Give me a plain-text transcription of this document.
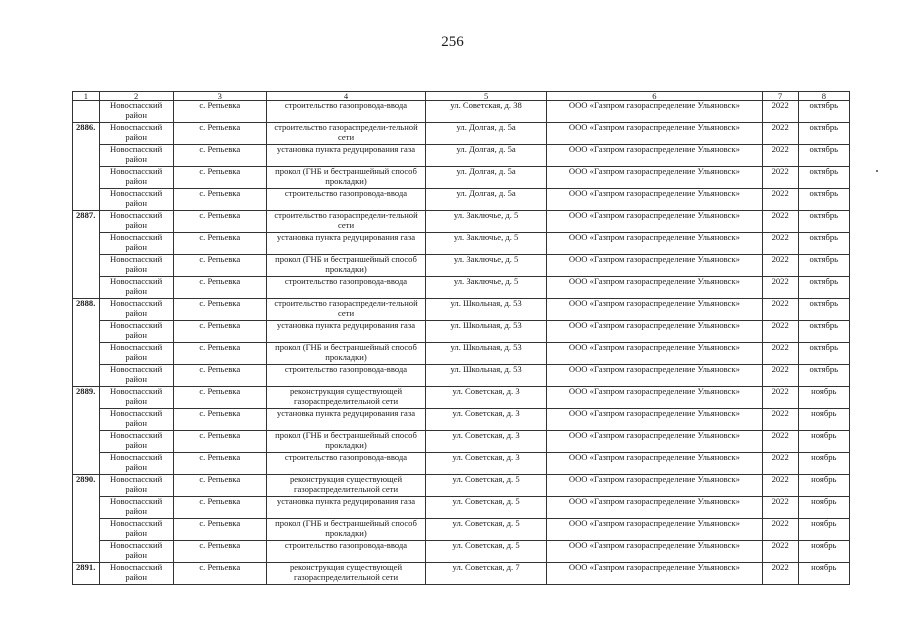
256
1	2	3	4	5	6	7	8
	Новоспасский район	с. Репьевка	строительство газопровода-ввода	ул. Советская, д. 38	ООО «Газпром газораспределение Ульяновск»	2022	октябрь
2886.	Новоспасский район	с. Репьевка	строительство газораспредели-тельной сети	ул. Долгая, д. 5а	ООО «Газпром газораспределение Ульяновск»	2022	октябрь
	Новоспасский район	с. Репьевка	установка пункта редуцирования газа	ул. Долгая, д. 5а	ООО «Газпром газораспределение Ульяновск»	2022	октябрь
	Новоспасский район	с. Репьевка	прокол (ГНБ и бестраншейный способ прокладки)	ул. Долгая, д. 5а	ООО «Газпром газораспределение Ульяновск»	2022	октябрь
	Новоспасский район	с. Репьевка	строительство газопровода-ввода	ул. Долгая, д. 5а	ООО «Газпром газораспределение Ульяновск»	2022	октябрь
2887.	Новоспасский район	с. Репьевка	строительство газораспредели-тельной сети	ул. Заключье, д. 5	ООО «Газпром газораспределение Ульяновск»	2022	октябрь
	Новоспасский район	с. Репьевка	установка пункта редуцирования газа	ул. Заключье, д. 5	ООО «Газпром газораспределение Ульяновск»	2022	октябрь
	Новоспасский район	с. Репьевка	прокол (ГНБ и бестраншейный способ прокладки)	ул. Заключье, д. 5	ООО «Газпром газораспределение Ульяновск»	2022	октябрь
	Новоспасский район	с. Репьевка	строительство газопровода-ввода	ул. Заключье, д. 5	ООО «Газпром газораспределение Ульяновск»	2022	октябрь
2888.	Новоспасский район	с. Репьевка	строительство газораспредели-тельной сети	ул. Школьная, д. 53	ООО «Газпром газораспределение Ульяновск»	2022	октябрь
	Новоспасский район	с. Репьевка	установка пункта редуцирования газа	ул. Школьная, д. 53	ООО «Газпром газораспределение Ульяновск»	2022	октябрь
	Новоспасский район	с. Репьевка	прокол (ГНБ и бестраншейный способ прокладки)	ул. Школьная, д. 53	ООО «Газпром газораспределение Ульяновск»	2022	октябрь
	Новоспасский район	с. Репьевка	строительство газопровода-ввода	ул. Школьная, д. 53	ООО «Газпром газораспределение Ульяновск»	2022	октябрь
2889.	Новоспасский район	с. Репьевка	реконструкция существующей газораспределительной сети	ул. Советская, д. 3	ООО «Газпром газораспределение Ульяновск»	2022	ноябрь
	Новоспасский район	с. Репьевка	установка пункта редуцирования газа	ул. Советская, д. 3	ООО «Газпром газораспределение Ульяновск»	2022	ноябрь
	Новоспасский район	с. Репьевка	прокол (ГНБ и бестраншейный способ прокладки)	ул. Советская, д. 3	ООО «Газпром газораспределение Ульяновск»	2022	ноябрь
	Новоспасский район	с. Репьевка	строительство газопровода-ввода	ул. Советская, д. 3	ООО «Газпром газораспределение Ульяновск»	2022	ноябрь
2890.	Новоспасский район	с. Репьевка	реконструкция существующей газораспределительной сети	ул. Советская, д. 5	ООО «Газпром газораспределение Ульяновск»	2022	ноябрь
	Новоспасский район	с. Репьевка	установка пункта редуцирования газа	ул. Советская, д. 5	ООО «Газпром газораспределение Ульяновск»	2022	ноябрь
	Новоспасский район	с. Репьевка	прокол (ГНБ и бестраншейный способ прокладки)	ул. Советская, д. 5	ООО «Газпром газораспределение Ульяновск»	2022	ноябрь
	Новоспасский район	с. Репьевка	строительство газопровода-ввода	ул. Советская, д. 5	ООО «Газпром газораспределение Ульяновск»	2022	ноябрь
2891.	Новоспасский район	с. Репьевка	реконструкция существующей газораспределительной сети	ул. Советская, д. 7	ООО «Газпром газораспределение Ульяновск»	2022	ноябрь
